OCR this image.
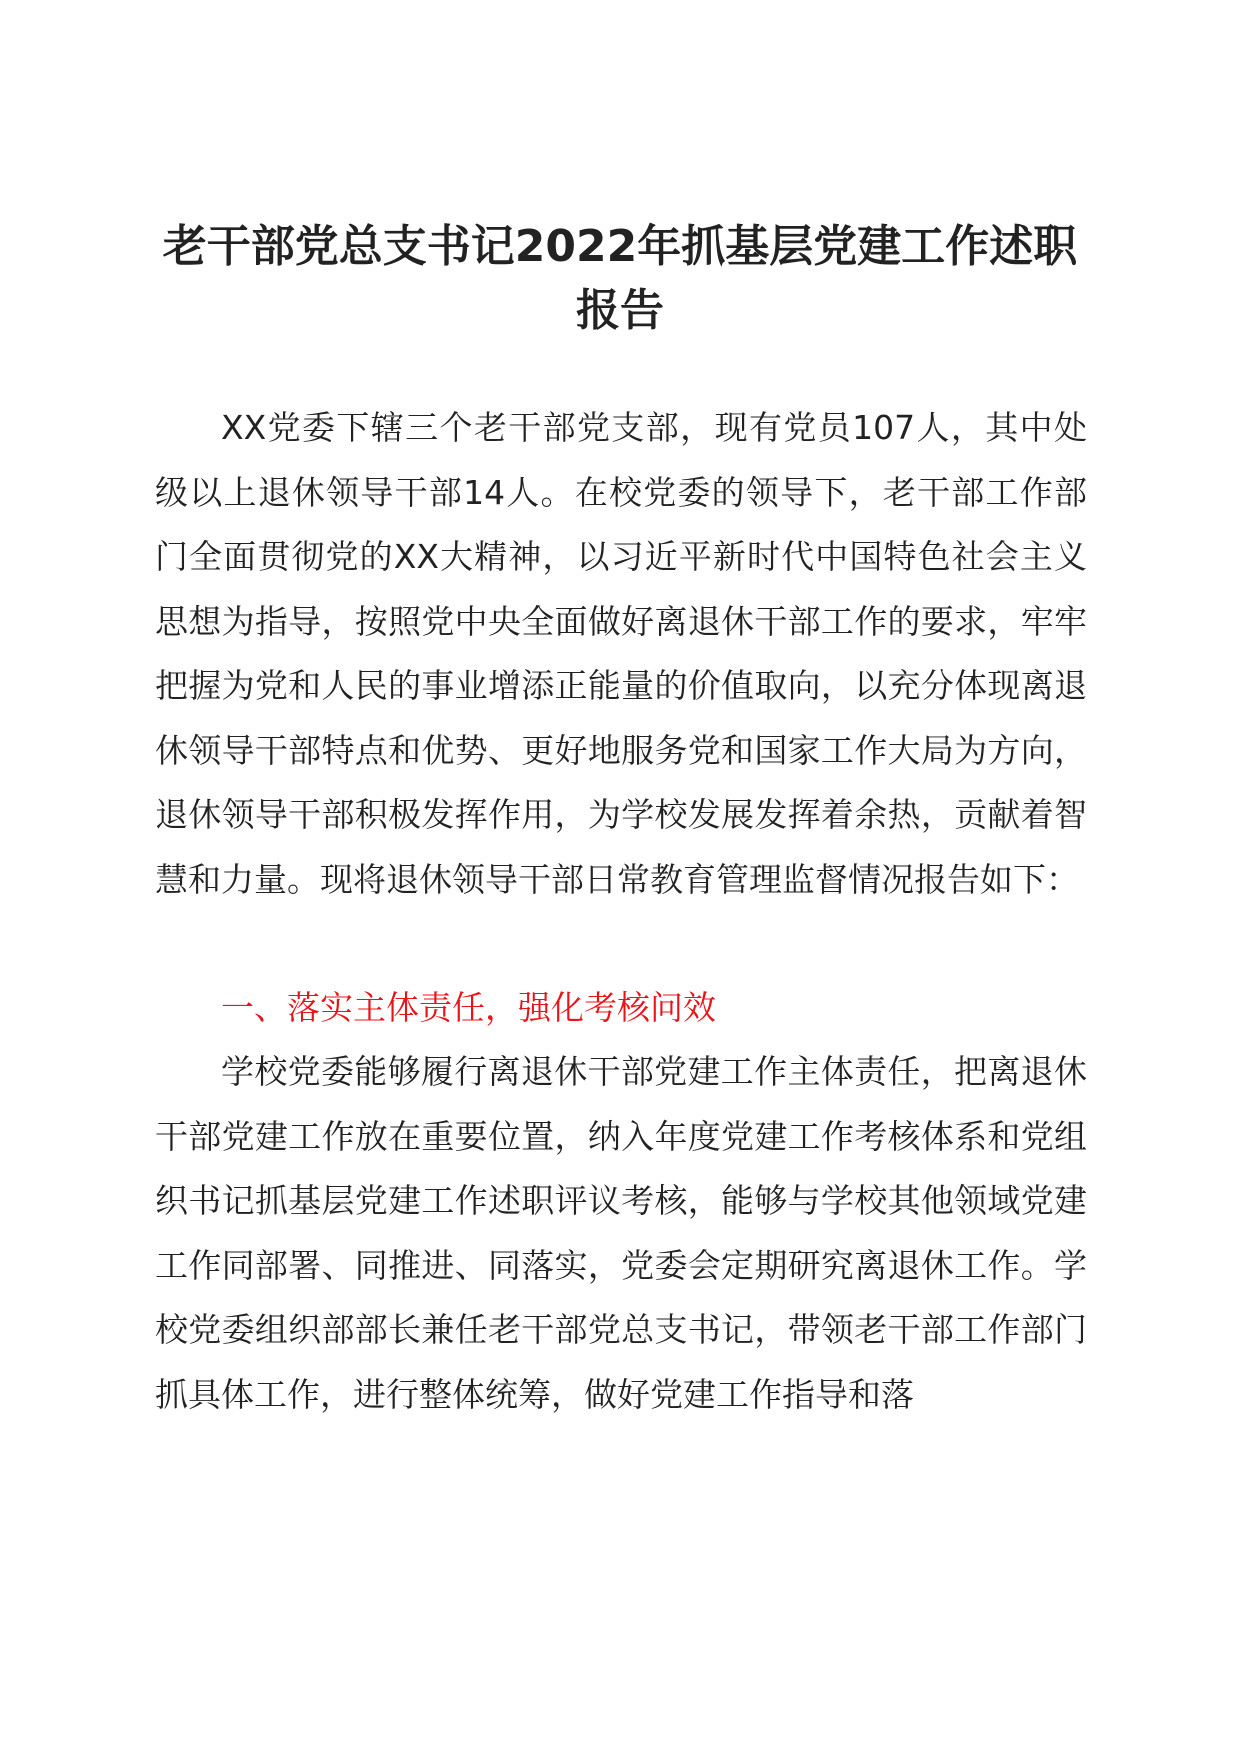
老干部党总支书记2022年抓基层党建工作述职报告

XX党委下辖三个老干部党支部，现有党员107人，其中处级以上退休领导干部14人。在校党委的领导下，老干部工作部门全面贯彻党的XX大精神，以习近平新时代中国特色社会主义思想为指导，按照党中央全面做好离退休干部工作的要求，牢牢把握为党和人民的事业增添正能量的价值取向，以充分体现离退休领导干部特点和优势、更好地服务党和国家工作大局为方向，退休领导干部积极发挥作用，为学校发展发挥着余热，贡献着智慧和力量。现将退休领导干部日常教育管理监督情况报告如下：

一、落实主体责任，强化考核问效

学校党委能够履行离退休干部党建工作主体责任，把离退休干部党建工作放在重要位置，纳入年度党建工作考核体系和党组织书记抓基层党建工作述职评议考核，能够与学校其他领域党建工作同部署、同推进、同落实，党委会定期研究离退休工作。学校党委组织部部长兼任老干部党总支书记，带领老干部工作部门抓具体工作，进行整体统筹，做好党建工作指导和落
